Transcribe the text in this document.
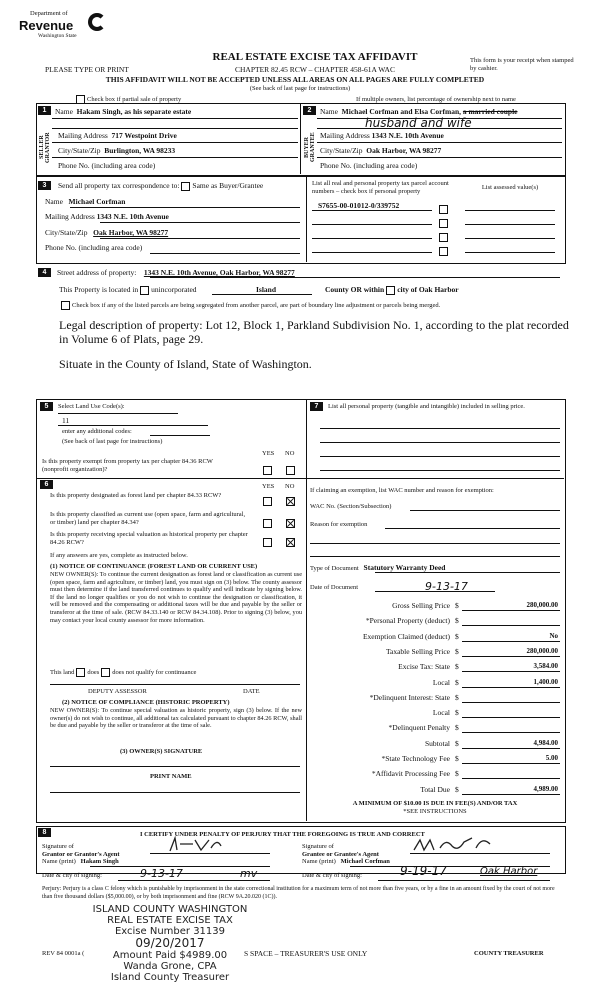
Department of
Revenue
Washington State
REAL ESTATE EXCISE TAX AFFIDAVIT
CHAPTER 82.45 RCW – CHAPTER 458-61A WAC
PLEASE TYPE OR PRINT
This form is your receipt when stamped by cashier.
THIS AFFIDAVIT WILL NOT BE ACCEPTED UNLESS ALL AREAS ON ALL PAGES ARE FULLY COMPLETED
(See back of last page for instructions)
Check box if partial sale of property	If multiple owners, list percentage of ownership next to name
1	2
SELLER GRANTOR	BUYER GRANTEE
Name Hakam Singh, as his separate estate
Mailing Address 717 Westpoint Drive
City/State/Zip Burlington, WA 98233
Phone No. (including area code)
Name Michael Corfman and Elsa Corfman, a married couple
husband and wife
Mailing Address 1343 N.E. 10th Avenue
City/State/Zip Oak Harbor, WA 98277
Phone No. (including area code)
3	Send all property tax correspondence to: Same as Buyer/Grantee
Name Michael Corfman
Mailing Address 1343 N.E. 10th Avenue
City/State/Zip Oak Harbor, WA 98277
Phone No. (including area code)
List all real and personal property tax parcel account numbers – check box if personal property
List assessed value(s)
S7655-00-01012-0/339752
4	Street address of property: 1343 N.E. 10th Avenue, Oak Harbor, WA 98277
This Property is located in unincorporated	Island	County OR within city of Oak Harbor
Check box if any of the listed parcels are being segregated from another parcel, are part of boundary line adjustment or parcels being merged.
Legal description of property: Lot 12, Block 1, Parkland Subdivision No. 1, according to the plat recorded in Volume 6 of Plats, page 29.
Situate in the County of Island, State of Washington.
5	Select Land Use Code(s):
11
enter any additional codes:
(See back of last page for instructions)
YES NO
Is this property exempt from property tax per chapter 84.36 RCW (nonprofit organization)?
6	YES NO
Is this property designated as forest land per chapter 84.33 RCW?
Is this property classified as current use (open space, farm and agricultural, or timber) land per chapter 84.34?
Is this property receiving special valuation as historical property per chapter 84.26 RCW?
If any answers are yes, complete as instructed below.
(1) NOTICE OF CONTINUANCE (FOREST LAND OR CURRENT USE)
NEW OWNER(S): To continue the current designation as forest land or classification as current use (open space, farm and agriculture, or timber) land, you must sign on (3) below. The county assessor must then determine if the land transferred continues to qualify and will indicate by signing below. If the land no longer qualifies or you do not wish to continue the designation or classification, it will be removed and the compensating or additional taxes will be due and payable by the seller or transferor at the time of sale. (RCW 84.33.140 or RCW 84.34.108). Prior to signing (3) below, you may contact your local county assessor for more information.
This land does does not qualify for continuance
DEPUTY ASSESSOR	DATE
(2) NOTICE OF COMPLIANCE (HISTORIC PROPERTY)
NEW OWNER(S): To continue special valuation as historic property, sign (3) below. If the new owner(s) do not wish to continue, all additional tax calculated pursuant to chapter 84.26 RCW, shall be due and payable by the seller or transferor at the time of sale.
(3) OWNER(S) SIGNATURE
PRINT NAME
7	List all personal property (tangible and intangible) included in selling price.
If claiming an exemption, list WAC number and reason for exemption:
WAC No. (Section/Subsection)
Reason for exemption
Type of Document Statutory Warranty Deed
Date of Document	9-13-17
Gross Selling Price $	280,000.00
*Personal Property (deduct) $
Exemption Claimed (deduct) $	No
Taxable Selling Price $	280,000.00
Excise Tax: State $	3,584.00
Local $	1,400.00
*Delinquent Interest: State $
Local $
*Delinquent Penalty $
Subtotal $	4,984.00
*State Technology Fee $	5.00
*Affidavit Processing Fee $
Total Due $	4,989.00
A MINIMUM OF $10.00 IS DUE IN FEE(S) AND/OR TAX
*SEE INSTRUCTIONS
8	I CERTIFY UNDER PENALTY OF PERJURY THAT THE FOREGOING IS TRUE AND CORRECT
Signature of
Grantor or Grantor's Agent
Name (print) Hakam Singh
Date & city of signing:	9-13-17	mv
Signature of
Grantee or Grantee's Agent
Name (print) Michael Corfman
Date & city of signing:	9-19-17	Oak Harbor
Perjury: Perjury is a class C felony which is punishable by imprisonment in the state correctional institution for a maximum term of not more than five years, or by a fine in an amount fixed by the court of not more than five thousand dollars ($5,000.00), or by both imprisonment and fine (RCW 9A.20.020 (1C)).
ISLAND COUNTY WASHINGTON
REAL ESTATE EXCISE TAX
Excise Number 31139
09/20/2017
Amount Paid $4989.00
Wanda Grone, CPA
Island County Treasurer
REV 84 0001a (	S SPACE – TREASURER'S USE ONLY	COUNTY TREASURER
